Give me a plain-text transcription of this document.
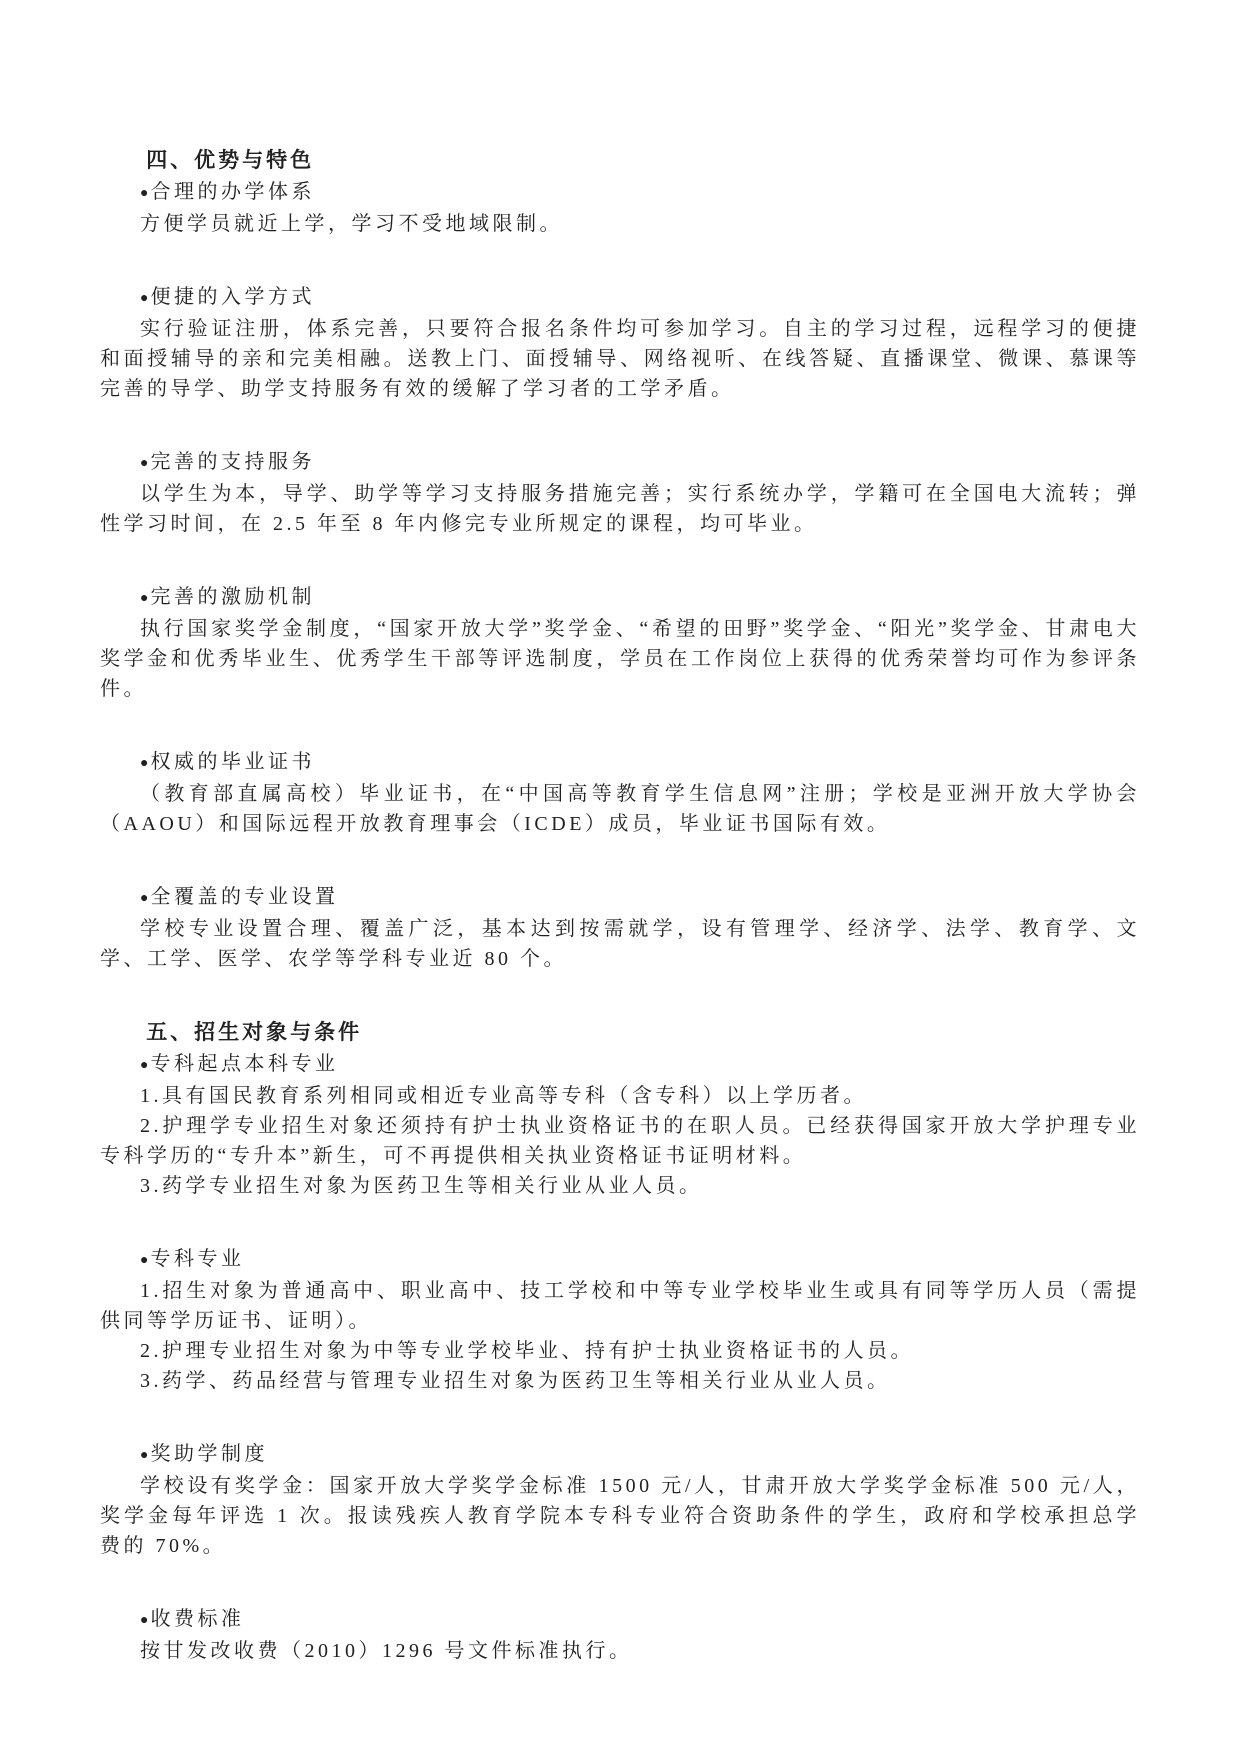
四、优势与特色

● 合理的办学体系

方便学员就近上学，学习不受地域限制。

● 便捷的入学方式

实行验证注册，体系完善，只要符合报名条件均可参加学习。自主的学习过程，远程学习的便捷和面授辅导的亲和完美相融。送教上门、面授辅导、网络视听、在线答疑、直播课堂、微课、慕课等完善的导学、助学支持服务有效的缓解了学习者的工学矛盾。

● 完善的支持服务

以学生为本，导学、助学等学习支持服务措施完善；实行系统办学，学籍可在全国电大流转；弹性学习时间，在 2.5 年至 8 年内修完专业所规定的课程，均可毕业。

● 完善的激励机制

执行国家奖学金制度，“国家开放大学”奖学金、“希望的田野”奖学金、“阳光”奖学金、甘肃电大奖学金和优秀毕业生、优秀学生干部等评选制度，学员在工作岗位上获得的优秀荣誉均可作为参评条件。

● 权威的毕业证书

（教育部直属高校）毕业证书，在“中国高等教育学生信息网”注册；学校是亚洲开放大学协会（AAOU）和国际远程开放教育理事会（ICDE）成员，毕业证书国际有效。

● 全覆盖的专业设置

学校专业设置合理、覆盖广泛，基本达到按需就学，设有管理学、经济学、法学、教育学、文学、工学、医学、农学等学科专业近 80 个。

五、招生对象与条件

● 专科起点本科专业

1.具有国民教育系列相同或相近专业高等专科（含专科）以上学历者。

2.护理学专业招生对象还须持有护士执业资格证书的在职人员。已经获得国家开放大学护理专业专科学历的“专升本”新生，可不再提供相关执业资格证书证明材料。

3.药学专业招生对象为医药卫生等相关行业从业人员。

● 专科专业

1.招生对象为普通高中、职业高中、技工学校和中等专业学校毕业生或具有同等学历人员（需提供同等学历证书、证明）。

2.护理专业招生对象为中等专业学校毕业、持有护士执业资格证书的人员。

3.药学、药品经营与管理专业招生对象为医药卫生等相关行业从业人员。

● 奖助学制度

学校设有奖学金：国家开放大学奖学金标准 1500 元/人，甘肃开放大学奖学金标准 500 元/人，奖学金每年评选 1 次。报读残疾人教育学院本专科专业符合资助条件的学生，政府和学校承担总学费的 70%。

● 收费标准

按甘发改收费（2010）1296 号文件标准执行。
